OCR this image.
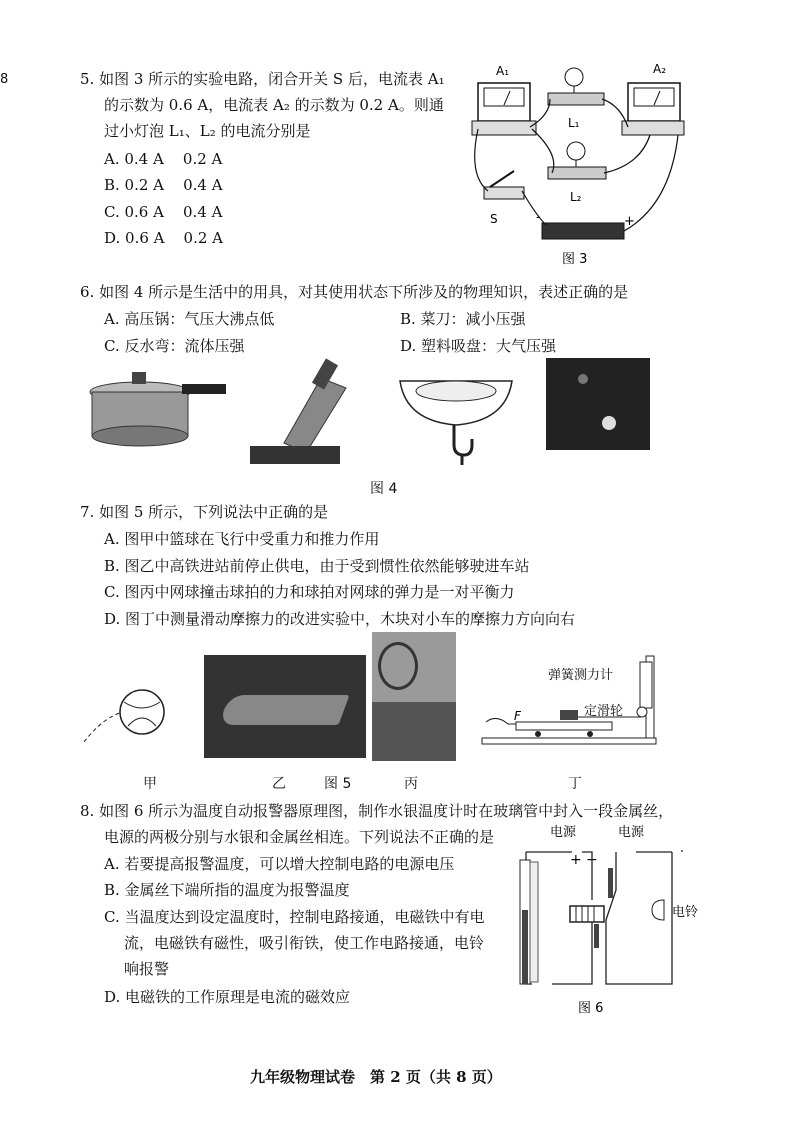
8	5. 如图 3 所示的实验电路，闭合开关 S 后，电流表 A₁
的示数为 0.6 A，电流表 A₂ 的示数为 0.2 A。则通
过小灯泡 L₁、L₂ 的电流分别是
A. 0.4 A    0.2 A
B. 0.2 A    0.4 A
C. 0.6 A    0.4 A
D. 0.6 A    0.2 A
A₁	A₂
L₁
L₂
S	-	+
图 3
6. 如图 4 所示是生活中的用具，对其使用状态下所涉及的物理知识，表述正确的是
A. 高压锅：气压大沸点低	B. 菜刀：减小压强
C. 反水弯：流体压强	D. 塑料吸盘：大气压强
图 4
7. 如图 5 所示，下列说法中正确的是
A. 图甲中篮球在飞行中受重力和推力作用
B. 图乙中高铁进站前停止供电，由于受到惯性依然能够驶进车站
C. 图丙中网球撞击球拍的力和球拍对网球的弹力是一对平衡力
D. 图丁中测量滑动摩擦力的改进实验中，木块对小车的摩擦力方向向右
F
弹簧测力计
定滑轮
甲	乙	图 5	丙	丁
8. 如图 6 所示为温度自动报警器原理图，制作水银温度计时在玻璃管中封入一段金属丝，
电源的两极分别与水银和金属丝相连。下列说法不正确的是
A. 若要提高报警温度，可以增大控制电路的电源电压
B. 金属丝下端所指的温度为报警温度
C. 当温度达到设定温度时，控制电路接通，电磁铁中有电
流，电磁铁有磁性，吸引衔铁，使工作电路接通，电铃
响报警
D. 电磁铁的工作原理是电流的磁效应
电源	电源
+ −
电铃
图 6
九年级物理试卷　第 2 页（共 8 页）
